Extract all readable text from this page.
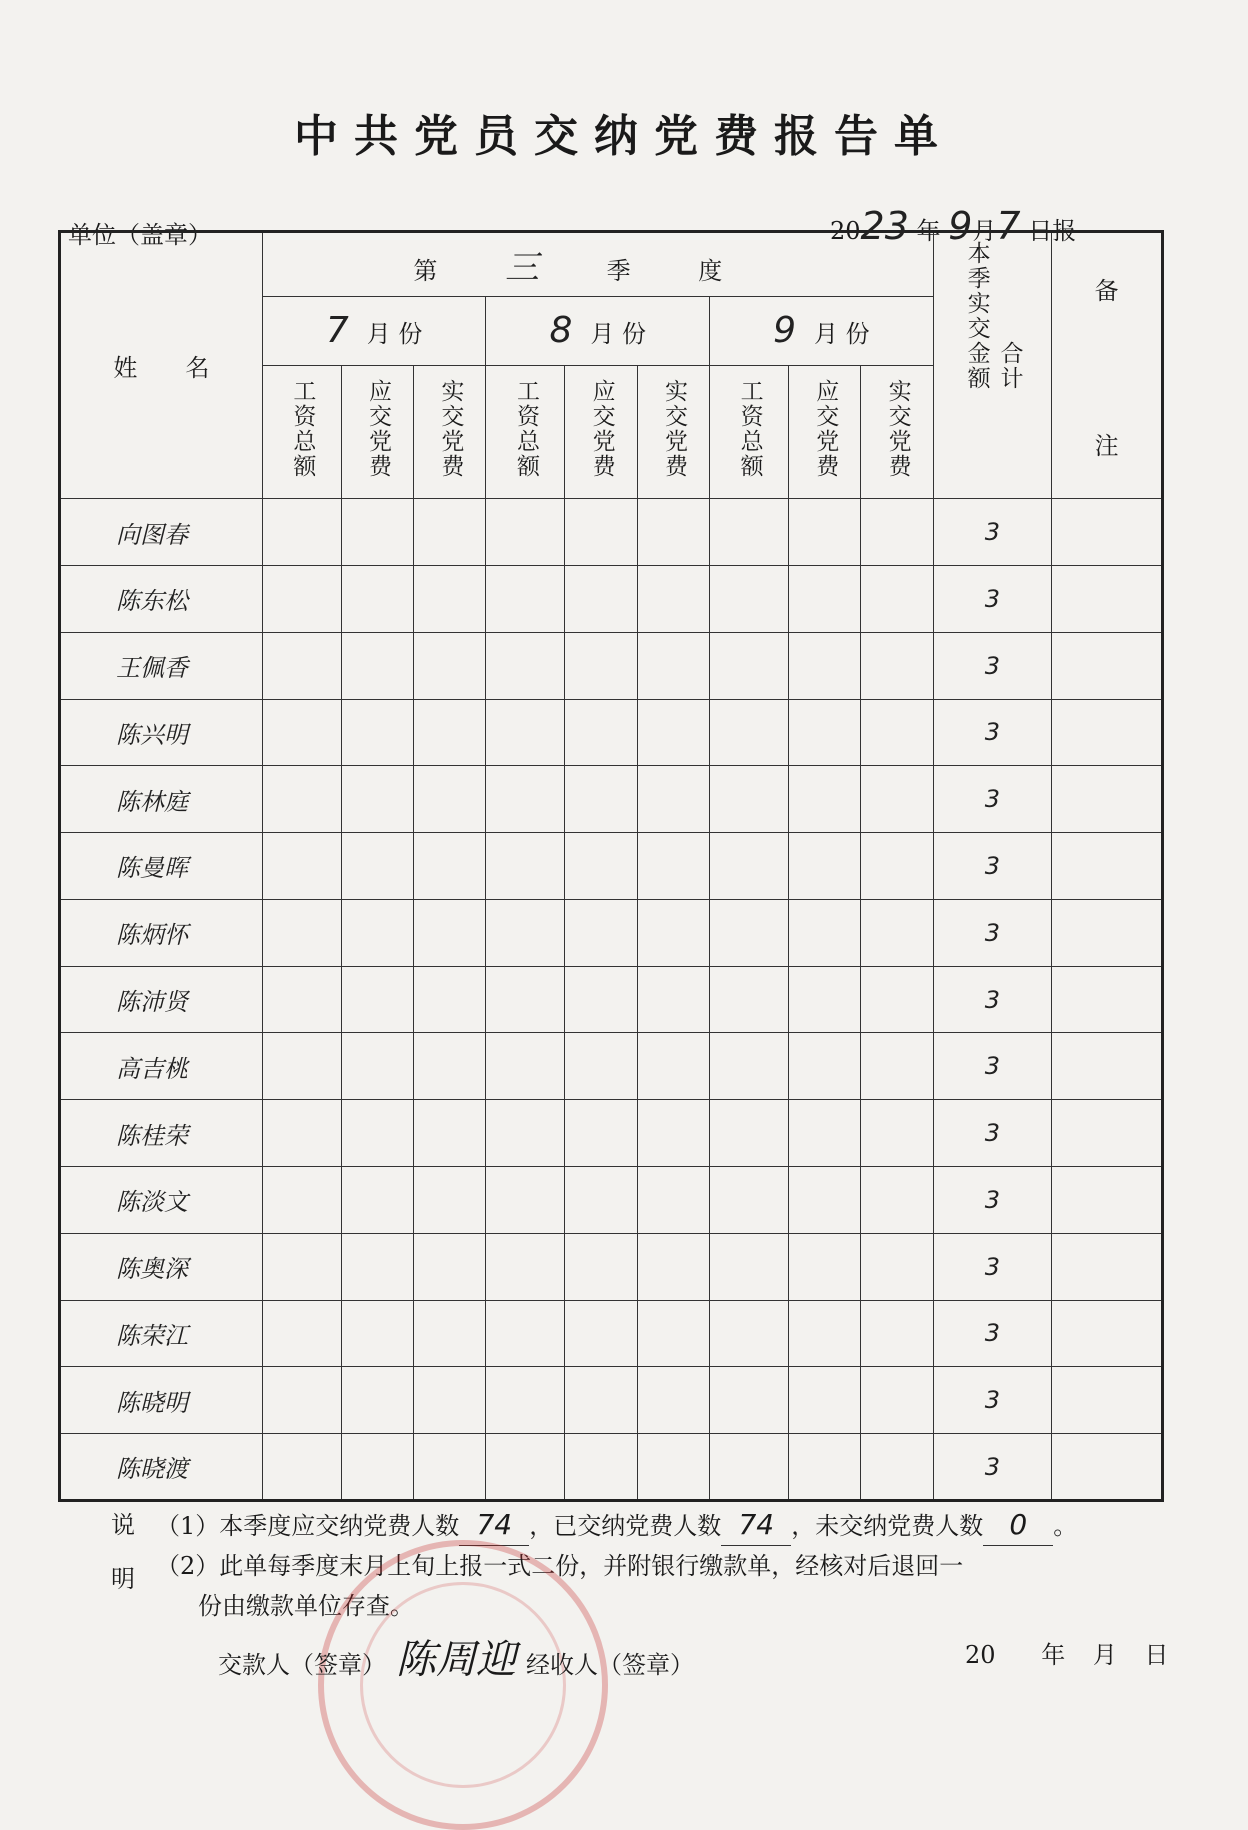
中共党员交纳党费报告单
单位（盖章）	2023 年 9月7 日报
姓　　名	第 三 季 度									本季实交金额 合计	备
注

	7 月 份			8 月 份			9 月 份				
	工资总额	应交党费	实交党费	工资总额	应交党费	实交党费	工资总额	应交党费	实交党费		
向图春										3	
陈东松										3	
王佩香										3	
陈兴明										3	
陈林庭										3	
陈曼晖										3	
陈炳怀										3	
陈沛贤										3	
高吉桃										3	
陈桂荣										3	
陈淡文										3	
陈奥深										3	
陈荣江										3	
陈晓明										3	
陈晓渡										3	
说
明
（1）本季度应交纳党费人数 74 ，已交纳党费人数 74 ，未交纳党费人数 0 。
（2）此单每季度末月上旬上报一式二份，并附银行缴款单，经核对后退回一
份由缴款单位存查。
交款人（签章） 陈周迎 经收人（签章）	20 年 月 日
